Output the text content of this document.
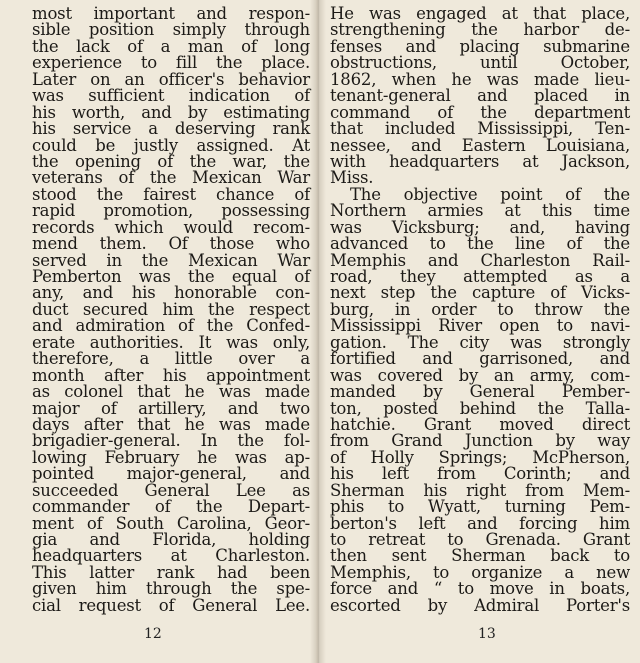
most important and respon-
sible position simply through
the lack of a man of long
experience to fill the place.
Later on an officer's behavior
was sufficient indication of
his worth, and by estimating
his service a deserving rank
could be justly assigned. At
the opening of the war, the
veterans of the Mexican War
stood the fairest chance of
rapid promotion, possessing
records which would recom-
mend them. Of those who
served in the Mexican War
Pemberton was the equal of
any, and his honorable con-
duct secured him the respect
and admiration of the Confed-
erate authorities. It was only,
therefore, a little over a
month after his appointment
as colonel that he was made
major of artillery, and two
days after that he was made
brigadier-general. In the fol-
lowing February he was ap-
pointed major-general, and
succeeded General Lee as
commander of the Depart-
ment of South Carolina, Geor-
gia and Florida, holding
headquarters at Charleston.
This latter rank had been
given him through the spe-
cial request of General Lee.
12
He was engaged at that place,
strengthening the harbor de-
fenses and placing submarine
obstructions, until October,
1862, when he was made lieu-
tenant-general and placed in
command of the department
that included Mississippi, Ten-
nessee, and Eastern Louisiana,
with headquarters at Jackson,
Miss.
The objective point of the
Northern armies at this time
was Vicksburg; and, having
advanced to the line of the
Memphis and Charleston Rail-
road, they attempted as a
next step the capture of Vicks-
burg, in order to throw the
Mississippi River open to navi-
gation. The city was strongly
fortified and garrisoned, and
was covered by an army, com-
manded by General Pember-
ton, posted behind the Talla-
hatchie. Grant moved direct
from Grand Junction by way
of Holly Springs; McPherson,
his left from Corinth; and
Sherman his right from Mem-
phis to Wyatt, turning Pem-
berton's left and forcing him
to retreat to Grenada. Grant
then sent Sherman back to
Memphis, to organize a new
force and “ to move in boats,
escorted by Admiral Porter's
13
